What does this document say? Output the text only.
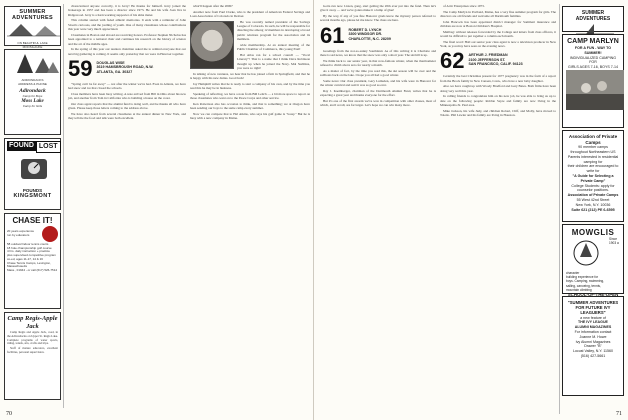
SUMMER ADVENTURES
ON BEAUTIFUL LAKE
MOOSILAUKE
ADIRONDACKS
ADDRESS & PHONE
Adirondack
Camp for Boys
Moss Lake
Camp for Girls
FOUND LOST
POUNDS
KINGSMONT
CHASE IT!
20 years experience
run by educators
58 outdoor/indoor tennis courts
18 hole championship golf course
4 hrs. daily instruction + practice
plus supervised competitive program
co-ed, ages 11-17, 14 & 16
Chase Tennis Camps, Lexington, Massachusetts
Mass., 01944 - or call (617) 526-7514
Camp Regis-Apple Jack

Camp Regis and Apple Jack, coed, in the Adirondacks on Upper St. Regis Lake. Complete programs of water sports, riding, tennis, arts, crafts and trips.

Staff of mature educators, excellent facilities, personal supervision.

characterized anyone correctly, it is Jerry! He thanks for himself. Jerry joined the brokerage in 1957 and has been a director since 1973. He and his wife Joan live in Ridgewood. Jerry is a hard-working supporter of his alma mater.

This column started with faded athletic memories. It ends with a reminder of John Sloan's cartoons, and the jostling of youth. One of many classmates whose contributions this year were very much appreciated.

Classmates in Boston and abroad are receiving honors. Professor Stephen Nicholas has been appointed to a national chair and continues his research on the history of science and the art of the middle ages.

In the spring of this year our reunion chairman asked me to remind everyone that our next big gathering is coming. It seems only yesterday that we were in Hanover together.

59 DOUGLAS WISE
3619 HAMSBROUGH ROAD, N.W.
ATLANTA, GA. 30327

"Spring can't be far away" — not after the winter we've had. Even in Atlanta, we have had snow and ice that closed the schools.

Class members have been busy writing. A note arrived from Bill in Ohio about his new job, and another from Tom in California who is building a house on the coast.

Our class agent reports that the alumni fund is doing well, and he thanks all who have given. Please keep those letters coming to the address above.

We have also heard from several classmates at the annual dinner in New York, and they tell me the food and talk were both excellent.

what'll happen after the 2000?

Another note from Paul Clarke, who is the president of American Federal Savings and Loan Association of Colorado in Denver.

He was recently named president of the Savings League of Colorado. In such, he will be responsible for directing the among 12 members in developing a broad public relations program for the association and its members.

wide membership. At an annual meeting of the Public Chamber of Commerce, this young Paul!

Hal Atlas ran for a school council — "Vocal Literary"! That is a name that I think Dave Robinson thought up when he joined the Navy. Mal Stebbins, you were so right!

In talking of new ventures, we hear that he has joined a firm in Springfield, and that he is happy with his new duties. Good luck!

Jay Hemphill writes that he is ready to start a company of his own, and by the time you read this he may be in business.

Speaking of reflecting, we have a note from Bill Leitch — a bit more space to report on those classmates who went on to the Peace Corps and other service.

Ken Robertson also has occasion to think, and that is something; we at Oregon have been sending our boys to the same camp every summer.

Now we can compare that to Hal Atkins, who says his golf game is "lousy." But he is busy with a new company in Maine.

70

Gotta run now. Listen, gang, start getting the 20th ever put into the fund. Then let's give it away — and we're gonna make it a lump of glue!

By the way, if any of you fine Hanover grads know the mystery person referred to several months ago, please let me know. The clues are here.

61 ROBERT D. LYNCH
3300 WINDSOR DR.
CHARLOTTE, N.C. 28209

Greetings from the not-so-sunny Southland. As of this writing it is Charlotte and there is sad news, we know that the snow was only a short year. The ski hill is up.

We think back to our senior year, in that now-famous winter, when the thermometer refused to climb above zero for nearly a month.

As a matter of fact, by the time you read this, the ski season will be over and the sailboats back on the lake. I hope you all had a good winter.

Some news: Our class president, Gary Lumsden, and his wife were in Hanover for the winter carnival and said it was as good as ever.

Ray J. Kaemberger, chairman of the Dartmouth Alumni Fund, writes that he is expecting a great year and thanks everyone for the effort.

But it's one of the first awards we've won in competition with other classes, most of which, and I recall, are far larger. Let's hope we can win many more.

of Artic Enterprises since 1973.

The Camp Marlyn in Portland, Maine, has a very fine summer program for girls. The directors are old friends and welcome all Dartmouth families.

John Hancock has been appointed district manager for Sammart insurance and children are now at Boston Children's Hospital.

Mailbag: without releases forwarded by the College and letters from class officers, it would be difficult to put together a column each month.

The final word: Hall our senior year class agent is now a television producer in New York, as you may have seen on the evening news.

62 ARTHUR J. FRIEDMAN
2100 JEFFERSON ST.
SAN FRANCISCO, CALIF. 94123

Certainly the best Christmas present for 1977 pregnancy was in the form of a report from the Brock family in New Canaan, Conn., who have a new baby daughter.

Also we have caught up with Woody Bradford and Gary Bates. Both firms have been doing very well this year.

In calling friends to congratulate him on his new job, he was able to bring us up to date on the following people: Robbie Sayre and family are now living in the Minneapolis-St. Paul area.

Mike Jackson, his wife Judy, and children Robert, Cliff, and Molly, have moved to Toledo. Phil Lawler and his family are living in Houston.

SUMMER ADVENTURES
CAMP MARLYN
FOR A FUN - WAY TO SUMMER!
INDIVIDUALIZED CAMPING FOR
GIRLS AGES 7-16, BOYS 7-14
Association of Private Camps
90 member camps
throughout Northeastern US
Parents interested in residential camping for
their children are encouraged to write for
"A Guide for Selecting a Private Camp"
College Students: apply for counselor positions.
Association of Private Camps
55 West 42nd Street
New York, N.Y. 10036
Suite 621 (212) PE 6-6595
MOWGLIS
Since 1903 a character
building experience for
boys. Camping, swimming,
sailing, canoeing, tennis,
mountain climbing
SCHOOL-OF-THE-OPEN
"SUMMER ADVENTURES FOR FUTURE IVY LEAGUERS"
a new feature of
THE IVY LEAGUE
ALUMNI MAGAZINES
For information contact
Joanne M. Howe
Ivy Alumni Magazines
Drawer "B"
Locust Valley, N.Y. 11560
(516) 427-5661
71
